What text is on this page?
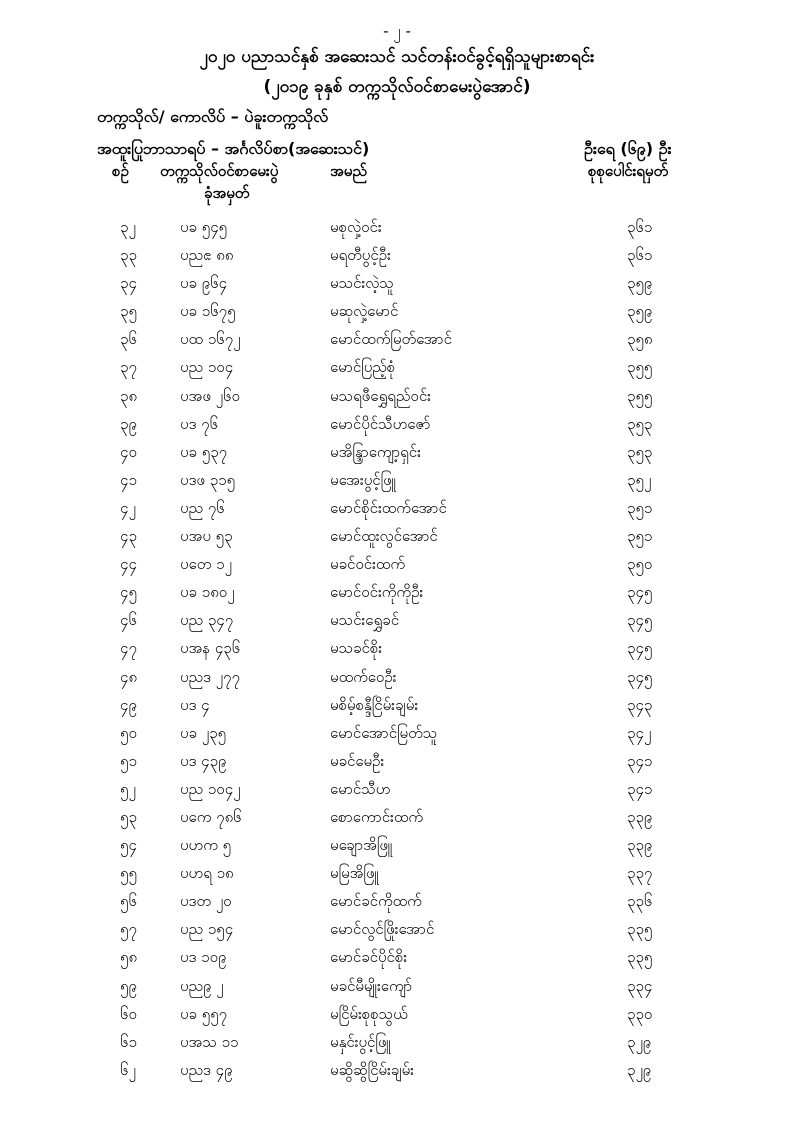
- ၂ -
၂၀၂၀ ပညာသင်နှစ် အဆေးသင် သင်တန်းဝင်ခွင့်ရရှိသူများစာရင်း
(၂၀၁၉ ခုနှစ် တက္ကသိုလ်ဝင်စာမေးပွဲအောင်)
တက္ကသိုလ်/ ကောလိပ် – ပဲခူးတက္ကသိုလ်
အထူးပြုဘာသာရပ် – အင်္ဂလိပ်စာ(အဆေးသင်)	ဦးရေ (၆၉) ဦး
စဉ် တက္ကသိုလ်ဝင်စာမေးပွဲ
ခုံအမှတ်
အမည်	စုစုပေါင်းရမှတ်
၃၂	ပခ ၅၄၅	မစုလှဲ့ဝင်း	၃၆၁
၃၃	ပညၕ ၈၈	မရတီပွင့်ဦး	၃၆၁
၃၄	ပခ ၉၆၄	မသင်းလဲ့သူ	၃၅၉
၃၅	ပခ ၁၆၇၅	မဆုလှဲ့မောင်	၃၅၉
၃၆	ပထ ၁၆၇၂	မောင်ထက်မြတ်အောင်	၃၅၈
၃၇	ပည ၁၀၄	မောင်ပြည့်စုံ	၃၅၅
၃၈	ပအဖ ၂၆၀	မသရဖီရွှေရည်ဝင်း	၃၅၅
၃၉	ပဒ ၇၆	မောင်ပိုင်သီဟဇော်	၃၅၃
၄၀	ပခ ၅၃၇	မအိန္ဒြာကျော့ရှင်း	၃၅၃
၄၁	ပဒဖ ၃၁၅	မအေးပွင့်ဖြူ	၃၅၂
၄၂	ပည ၇၆	မောင်စိုင်းထက်အောင်	၃၅၁
၄၃	ပအပ ၅၃	မောင်ထူးလွင်အောင်	၃၅၁
၄၄	ပတေ ၁၂	မခင်ဝင်းထက်	၃၅၀
၄၅	ပခ ၁၈၀၂	မောင်ဝင်းကိုကိုဦး	၃၄၅
၄၆	ပည ၃၄၇	မသင်းရွှေခင်	၃၄၅
၄၇	ပအန ၄၃၆	မသခင်စိုး	၃၄၅
၄၈	ပညဒ ၂၇၇	မထက်ဝေဦး	၃၄၅
၄၉	ပဒ ၄	မစိမ့်စန္ဒီငြိမ်းချမ်း	၃၄၃
၅၀	ပခ ၂၃၅	မောင်အောင်မြတ်သူ	၃၄၂
၅၁	ပဒ ၄၃၉	မခင်မေဦး	၃၄၁
၅၂	ပည ၁၀၄၂	မောင်သီဟ	၃၄၁
၅၃	ပကေ ၇၈၆	စောကောင်းထက်	၃၃၉
၅၄	ပဟက ၅	မချောအိဖြူ	၃၃၉
၅၅	ပဟရ ၁၈	မမြအိဖြူ	၃၃၇
၅၆	ပဒတ ၂၀	မောင်ခင်ကိုထက်	၃၃၆
၅၇	ပည ၁၅၄	မောင်လွင်ဖြိုးအောင်	၃၃၅
၅၈	ပဒ ၁၀၉	မောင်ခင်ပိုင်စိုး	၃၃၅
၅၉	ပည၉ ၂	မခင်မီမျိုးကျော်	၃၃၄
၆၀	ပခ ၅၅၇	မငြိမ်းစုစုသွယ်	၃၃၀
၆၁	ပအသ ၁၁	မနှင်းပွင့်ဖြူ	၃၂၉
၆၂	ပညဒ ၄၉	မဆွိဆွိငြိမ်းချမ်း	၃၂၉
